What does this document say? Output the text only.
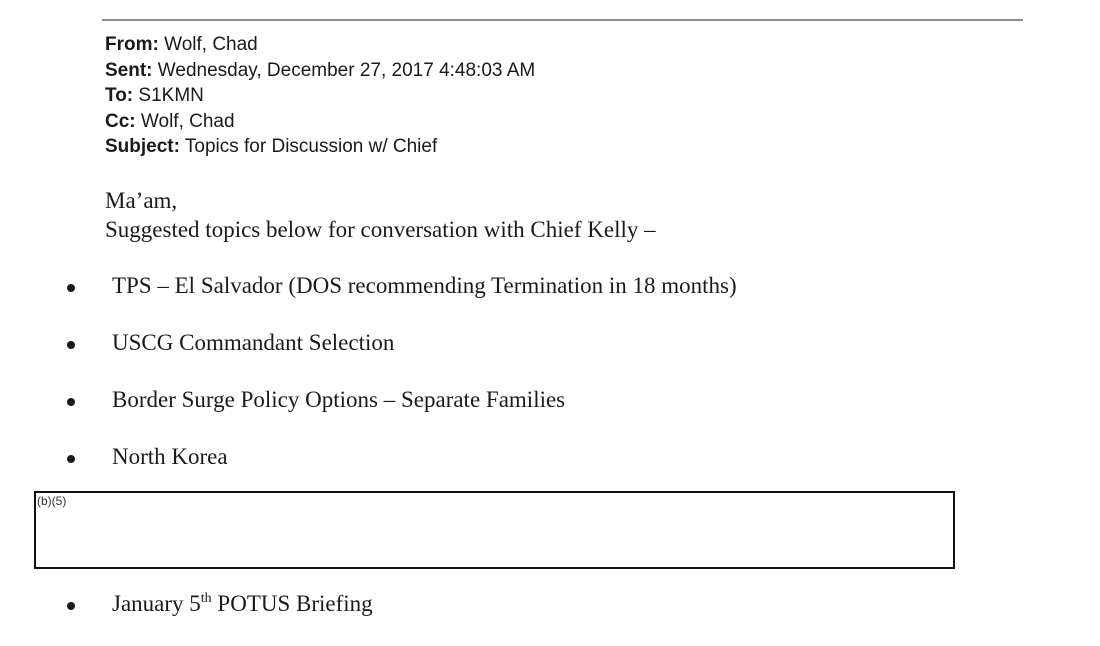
From: Wolf, Chad
Sent: Wednesday, December 27, 2017 4:48:03 AM
To: S1KMN
Cc: Wolf, Chad
Subject: Topics for Discussion w/ Chief
Ma’am,
Suggested topics below for conversation with Chief Kelly –
TPS – El Salvador (DOS recommending Termination in 18 months)
USCG Commandant Selection
Border Surge Policy Options – Separate Families
North Korea
(b)(5)
January 5th POTUS Briefing
